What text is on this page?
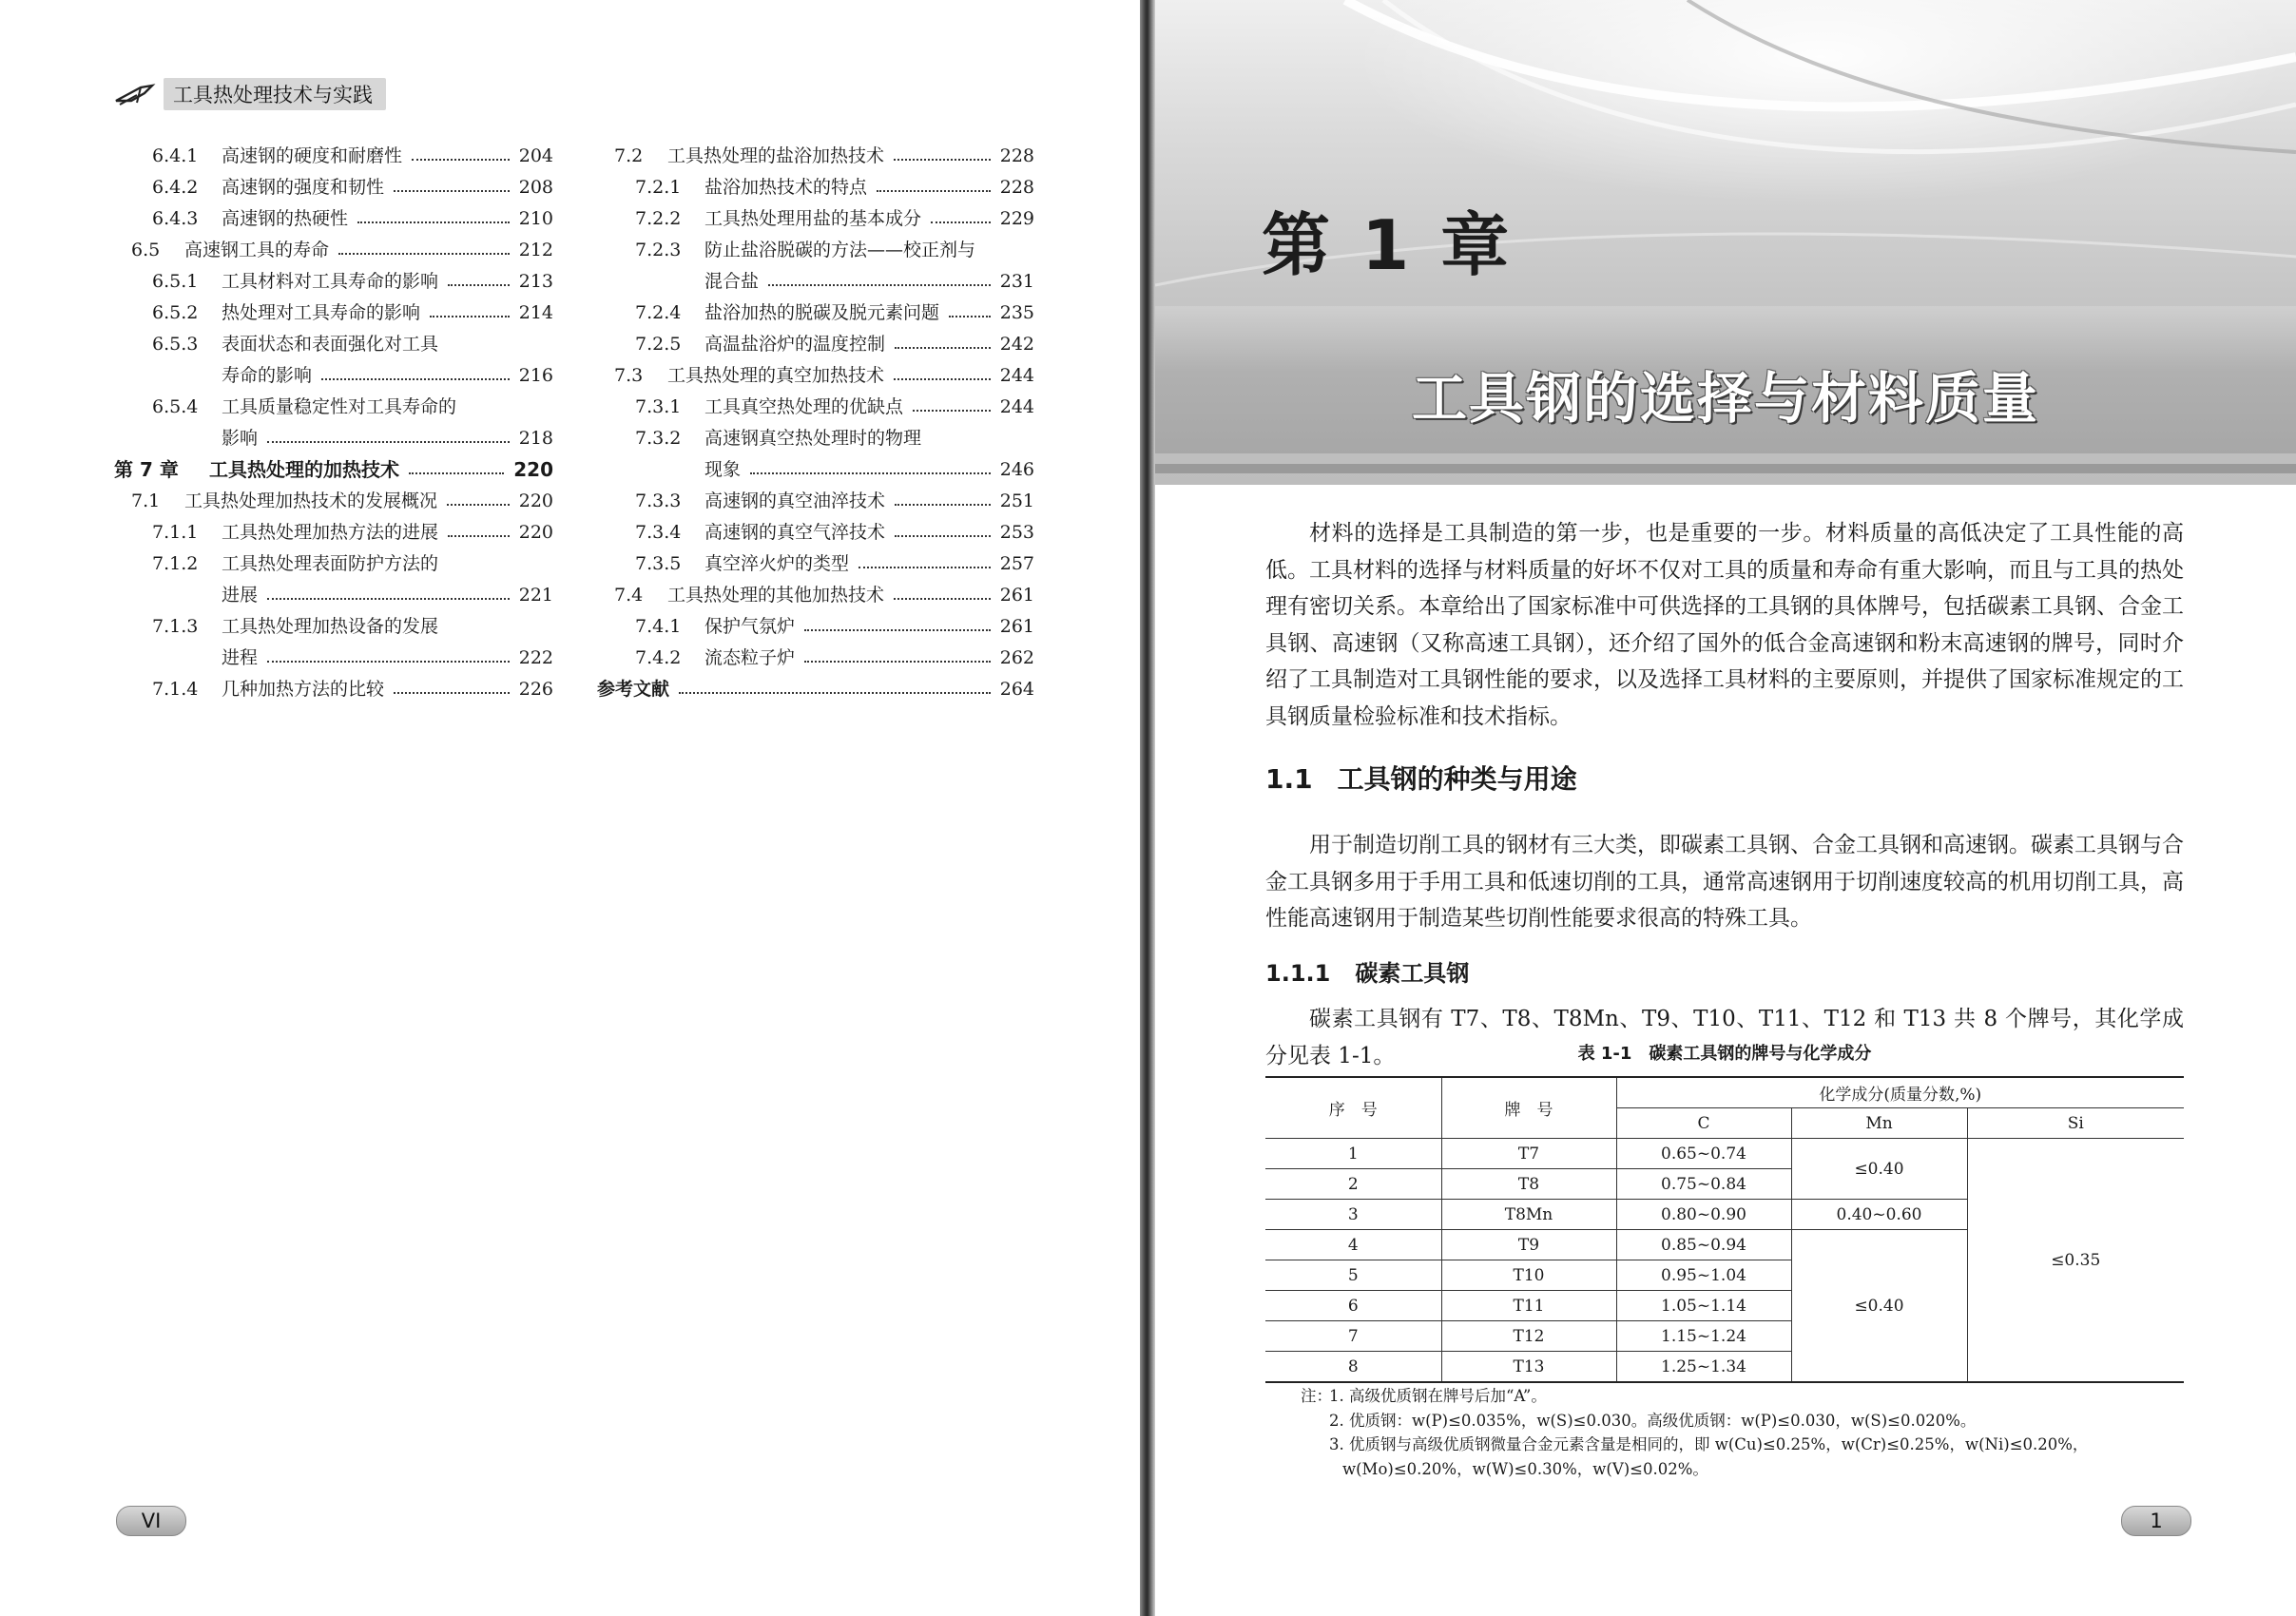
工具热处理技术与实践
6.4.1 高速钢的硬度和耐磨性	204
6.4.2 高速钢的强度和韧性	208
6.4.3 高速钢的热硬性	210
6.5 高速钢工具的寿命	212
6.5.1 工具材料对工具寿命的影响	213
6.5.2 热处理对工具寿命的影响	214
6.5.3 表面状态和表面强化对工具
寿命的影响	216
6.5.4 工具质量稳定性对工具寿命的
影响	218
第 7 章 工具热处理的加热技术	220
7.1 工具热处理加热技术的发展概况	220
7.1.1 工具热处理加热方法的进展	220
7.1.2 工具热处理表面防护方法的
进展	221
7.1.3 工具热处理加热设备的发展
进程	222
7.1.4 几种加热方法的比较	226
7.2 工具热处理的盐浴加热技术	228
7.2.1 盐浴加热技术的特点	228
7.2.2 工具热处理用盐的基本成分	229
7.2.3 防止盐浴脱碳的方法——校正剂与
混合盐	231
7.2.4 盐浴加热的脱碳及脱元素问题	235
7.2.5 高温盐浴炉的温度控制	242
7.3 工具热处理的真空加热技术	244
7.3.1 工具真空热处理的优缺点	244
7.3.2 高速钢真空热处理时的物理
现象	246
7.3.3 高速钢的真空油淬技术	251
7.3.4 高速钢的真空气淬技术	253
7.3.5 真空淬火炉的类型	257
7.4 工具热处理的其他加热技术	261
7.4.1 保护气氛炉	261
7.4.2 流态粒子炉	262
参考文献	264
VI
第 1 章
工具钢的选择与材料质量
材料的选择是工具制造的第一步，也是重要的一步。材料质量的高低决定了工具性能的高低。工具材料的选择与材料质量的好坏不仅对工具的质量和寿命有重大影响，而且与工具的热处理有密切关系。本章给出了国家标准中可供选择的工具钢的具体牌号，包括碳素工具钢、合金工具钢、高速钢（又称高速工具钢），还介绍了国外的低合金高速钢和粉末高速钢的牌号，同时介绍了工具制造对工具钢性能的要求，以及选择工具材料的主要原则，并提供了国家标准规定的工具钢质量检验标准和技术指标。
1.1 工具钢的种类与用途
用于制造切削工具的钢材有三大类，即碳素工具钢、合金工具钢和高速钢。碳素工具钢与合金工具钢多用于手用工具和低速切削的工具，通常高速钢用于切削速度较高的机用切削工具，高性能高速钢用于制造某些切削性能要求很高的特殊工具。
1.1.1 碳素工具钢
碳素工具钢有 T7、T8、T8Mn、T9、T10、T11、T12 和 T13 共 8 个牌号，其化学成分见表 1-1。	表 1-1　碳素工具钢的牌号与化学成分
序　号	牌　号	化学成分(质量分数,%)		
		C	Mn	Si
1	T7	0.65~0.74	≤0.40	≤0.35
2	T8	0.75~0.84		
3	T8Mn	0.80~0.90	0.40~0.60	
4	T9	0.85~0.94	≤0.40	
5	T10	0.95~1.04		
6	T11	1.05~1.14		
7	T12	1.15~1.24		
8	T13	1.25~1.34		
注：1. 高级优质钢在牌号后加“A”。
2. 优质钢：w(P)≤0.035%，w(S)≤0.030。高级优质钢：w(P)≤0.030，w(S)≤0.020%。
3. 优质钢与高级优质钢微量合金元素含量是相同的，即 w(Cu)≤0.25%，w(Cr)≤0.25%，w(Ni)≤0.20%，
w(Mo)≤0.20%，w(W)≤0.30%，w(V)≤0.02%。
1
